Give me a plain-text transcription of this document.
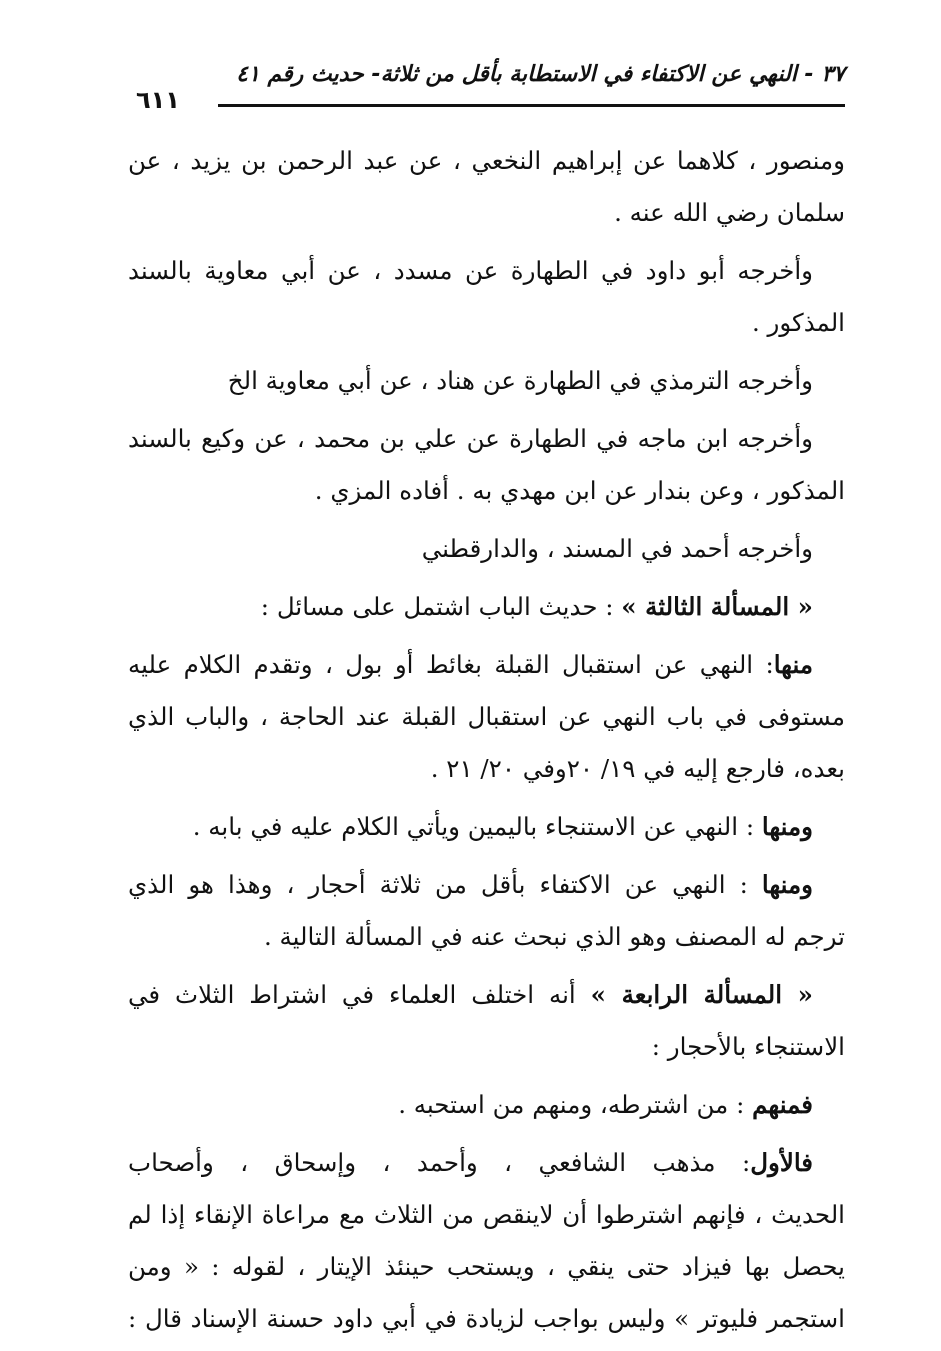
٣٧ - النهي عن الاكتفاء في الاستطابة بأقل من ثلاثة- حديث رقم ٤١
٦١١

ومنصور ، كلاهما عن إبراهيم النخعي ، عن عبد الرحمن بن يزيد ، عن
سلمان رضي الله عنه .

وأخرجه أبو داود في الطهارة عن مسدد ، عن أبي معاوية بالسند
المذكور .

وأخرجه الترمذي في الطهارة عن هناد ، عن أبي معاوية الخ

وأخرجه ابن ماجه في الطهارة عن علي بن محمد ، عن وكيع بالسند
المذكور ، وعن بندار عن ابن مهدي به . أفاده المزي .

وأخرجه أحمد في المسند ، والدارقطني

« المسألة الثالثة » : حديث الباب اشتمل على مسائل :

منها: النهي عن استقبال القبلة بغائط أو بول ، وتقدم الكلام عليه
مستوفى في باب النهي عن استقبال القبلة عند الحاجة ، والباب الذي
بعده، فارجع إليه في ١٩/ ٢٠وفي ٢٠/ ٢١ .

ومنها : النهي عن الاستنجاء باليمين ويأتي الكلام عليه في بابه .

ومنها : النهي عن الاكتفاء بأقل من ثلاثة أحجار ، وهذا هو الذي
ترجم له المصنف وهو الذي نبحث عنه في المسألة التالية .

« المسألة الرابعة » أنه اختلف العلماء في اشتراط الثلاث في
الاستنجاء بالأحجار :

فمنهم : من اشترطه، ومنهم من استحبه .

فالأول: مذهب الشافعي ، وأحمد ، وإسحاق ، وأصحاب
الحديث ، فإنهم اشترطوا أن لاينقص من الثلاث مع مراعاة الإنقاء إذا لم
يحصل بها فيزاد حتى ينقي ، ويستحب حينئذ الإيتار ، لقوله : « ومن
استجمر فليوتر » وليس بواجب لزيادة في أبي داود حسنة الإسناد قال :
